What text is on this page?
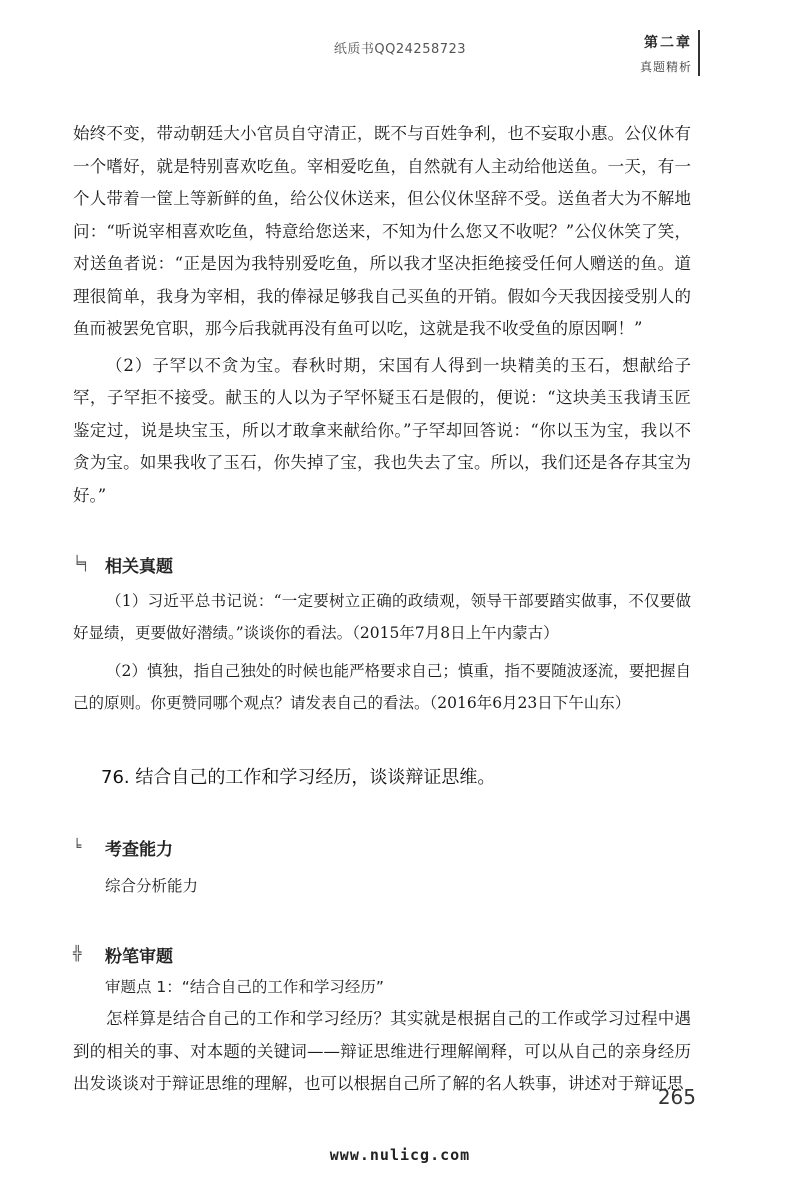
纸质书QQ24258723	第二章
真题精析

始终不变，带动朝廷大小官员自守清正，既不与百姓争利，也不妄取小惠。公仪休有一个嗜好，就是特别喜欢吃鱼。宰相爱吃鱼，自然就有人主动给他送鱼。一天，有一个人带着一筐上等新鲜的鱼，给公仪休送来，但公仪休坚辞不受。送鱼者大为不解地问：“听说宰相喜欢吃鱼，特意给您送来，不知为什么您又不收呢？”公仪休笑了笑，对送鱼者说：“正是因为我特别爱吃鱼，所以我才坚决拒绝接受任何人赠送的鱼。道理很简单，我身为宰相，我的俸禄足够我自己买鱼的开销。假如今天我因接受别人的鱼而被罢免官职，那今后我就再没有鱼可以吃，这就是我不收受鱼的原因啊！”

（2）子罕以不贪为宝。春秋时期，宋国有人得到一块精美的玉石，想献给子罕，子罕拒不接受。献玉的人以为子罕怀疑玉石是假的，便说：“这块美玉我请玉匠鉴定过，说是块宝玉，所以才敢拿来献给你。”子罕却回答说：“你以玉为宝，我以不贪为宝。如果我收了玉石，你失掉了宝，我也失去了宝。所以，我们还是各存其宝为好。”

╘╕ 相关真题

（1）习近平总书记说：“一定要树立正确的政绩观，领导干部要踏实做事，不仅要做好显绩，更要做好潜绩。”谈谈你的看法。（2015年7月8日上午内蒙古）

（2）慎独，指自己独处的时候也能严格要求自己；慎重，指不要随波逐流，要把握自己的原则。你更赞同哪个观点？请发表自己的看法。（2016年6月23日下午山东）

76. 结合自己的工作和学习经历，谈谈辩证思维。
╘	考查能力
综合分析能力
╬	粉笔审题
审题点 1：“结合自己的工作和学习经历”

怎样算是结合自己的工作和学习经历？其实就是根据自己的工作或学习过程中遇到的相关的事、对本题的关键词——辩证思维进行理解阐释，可以从自己的亲身经历出发谈谈对于辩证思维的理解，也可以根据自己所了解的名人轶事，讲述对于辩证思

265
www.nulicg.com
